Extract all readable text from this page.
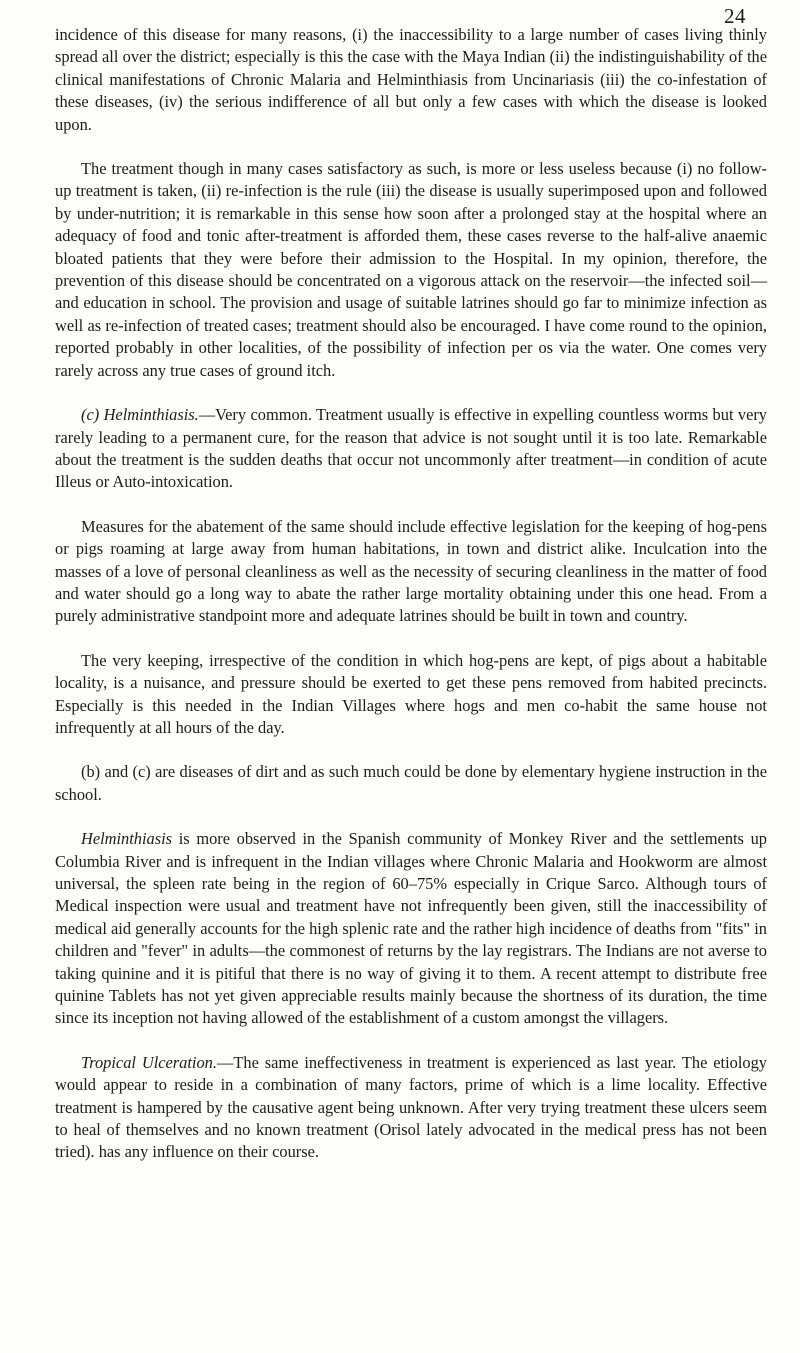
24

incidence of this disease for many reasons, (i) the inaccessibility to a large number of cases living thinly spread all over the district; especially is this the case with the Maya Indian (ii) the indistinguishability of the clinical manifestations of Chronic Malaria and Helminthiasis from Uncinariasis (iii) the co-infestation of these diseases, (iv) the serious indifference of all but only a few cases with which the disease is looked upon.

The treatment though in many cases satisfactory as such, is more or less useless because (i) no follow-up treatment is taken, (ii) re-infection is the rule (iii) the disease is usually superimposed upon and followed by under-nutrition; it is remarkable in this sense how soon after a prolonged stay at the hospital where an adequacy of food and tonic after-treatment is afforded them, these cases reverse to the half-alive anaemic bloated patients that they were before their admission to the Hospital. In my opinion, therefore, the prevention of this disease should be concentrated on a vigorous attack on the reservoir—the infected soil—and education in school. The provision and usage of suitable latrines should go far to minimize infection as well as re-infection of treated cases; treatment should also be encouraged. I have come round to the opinion, reported probably in other localities, of the possibility of infection per os via the water. One comes very rarely across any true cases of ground itch.

(c) Helminthiasis.—Very common. Treatment usually is effective in expelling countless worms but very rarely leading to a permanent cure, for the reason that advice is not sought until it is too late. Remarkable about the treatment is the sudden deaths that occur not uncommonly after treatment—in condition of acute Illeus or Auto-intoxication.

Measures for the abatement of the same should include effective legislation for the keeping of hog-pens or pigs roaming at large away from human habitations, in town and district alike. Inculcation into the masses of a love of personal cleanliness as well as the necessity of securing cleanliness in the matter of food and water should go a long way to abate the rather large mortality obtaining under this one head. From a purely administrative standpoint more and adequate latrines should be built in town and country.

The very keeping, irrespective of the condition in which hog-pens are kept, of pigs about a habitable locality, is a nuisance, and pressure should be exerted to get these pens removed from habited precincts. Especially is this needed in the Indian Villages where hogs and men co-habit the same house not infrequently at all hours of the day.

(b) and (c) are diseases of dirt and as such much could be done by elementary hygiene instruction in the school.

Helminthiasis is more observed in the Spanish community of Monkey River and the settlements up Columbia River and is infrequent in the Indian villages where Chronic Malaria and Hookworm are almost universal, the spleen rate being in the region of 60–75% especially in Crique Sarco. Although tours of Medical inspection were usual and treatment have not infrequently been given, still the inaccessibility of medical aid generally accounts for the high splenic rate and the rather high incidence of deaths from "fits" in children and "fever" in adults—the commonest of returns by the lay registrars. The Indians are not averse to taking quinine and it is pitiful that there is no way of giving it to them. A recent attempt to distribute free quinine Tablets has not yet given appreciable results mainly because the shortness of its duration, the time since its inception not having allowed of the establishment of a custom amongst the villagers.

Tropical Ulceration.—The same ineffectiveness in treatment is experienced as last year. The etiology would appear to reside in a combination of many factors, prime of which is a lime locality. Effective treatment is hampered by the causative agent being unknown. After very trying treatment these ulcers seem to heal of themselves and no known treatment (Orisol lately advocated in the medical press has not been tried). has any influence on their course.
